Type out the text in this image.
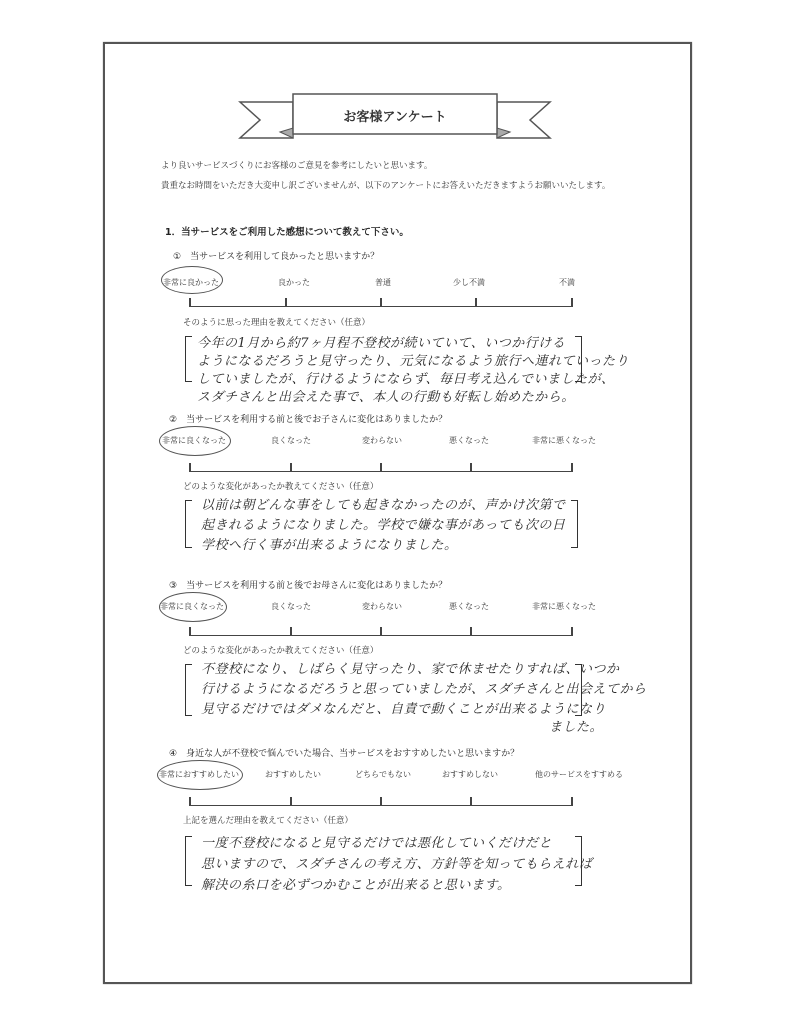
お客様アンケート
より良いサービスづくりにお客様のご意見を参考にしたいと思います。
貴重なお時間をいただき大変申し訳ございませんが、以下のアンケートにお答えいただきますようお願いいたします。
1．当サービスをご利用した感想について教えて下さい。
①　当サービスを利用して良かったと思いますか？
非常に良かった	良かった	普通	少し不満	不満
そのように思った理由を教えてください（任意）
今年の1月から約7ヶ月程不登校が続いていて、いつか行ける
ようになるだろうと見守ったり、元気になるよう旅行へ連れていったり
していましたが、行けるようにならず、毎日考え込んでいましたが、
スダチさんと出会えた事で、本人の行動も好転し始めたから。
②　当サービスを利用する前と後でお子さんに変化はありましたか？
非常に良くなった	良くなった	変わらない	悪くなった	非常に悪くなった
どのような変化があったか教えてください（任意）
以前は朝どんな事をしても起きなかったのが、声かけ次第で
起きれるようになりました。学校で嫌な事があっても次の日
学校へ行く事が出来るようになりました。
③　当サービスを利用する前と後でお母さんに変化はありましたか？
非常に良くなった	良くなった	変わらない	悪くなった	非常に悪くなった
どのような変化があったか教えてください（任意）
不登校になり、しばらく見守ったり、家で休ませたりすれば、いつか
行けるようになるだろうと思っていましたが、スダチさんと出会えてから
見守るだけではダメなんだと、自責で動くことが出来るようになり
ました。
④　身近な人が不登校で悩んでいた場合、当サービスをおすすめしたいと思いますか？
非常におすすめしたい	おすすめしたい	どちらでもない	おすすめしない	他のサービスをすすめる
上記を選んだ理由を教えてください（任意）
一度不登校になると見守るだけでは悪化していくだけだと
思いますので、スダチさんの考え方、方針等を知ってもらえれば
解決の糸口を必ずつかむことが出来ると思います。
